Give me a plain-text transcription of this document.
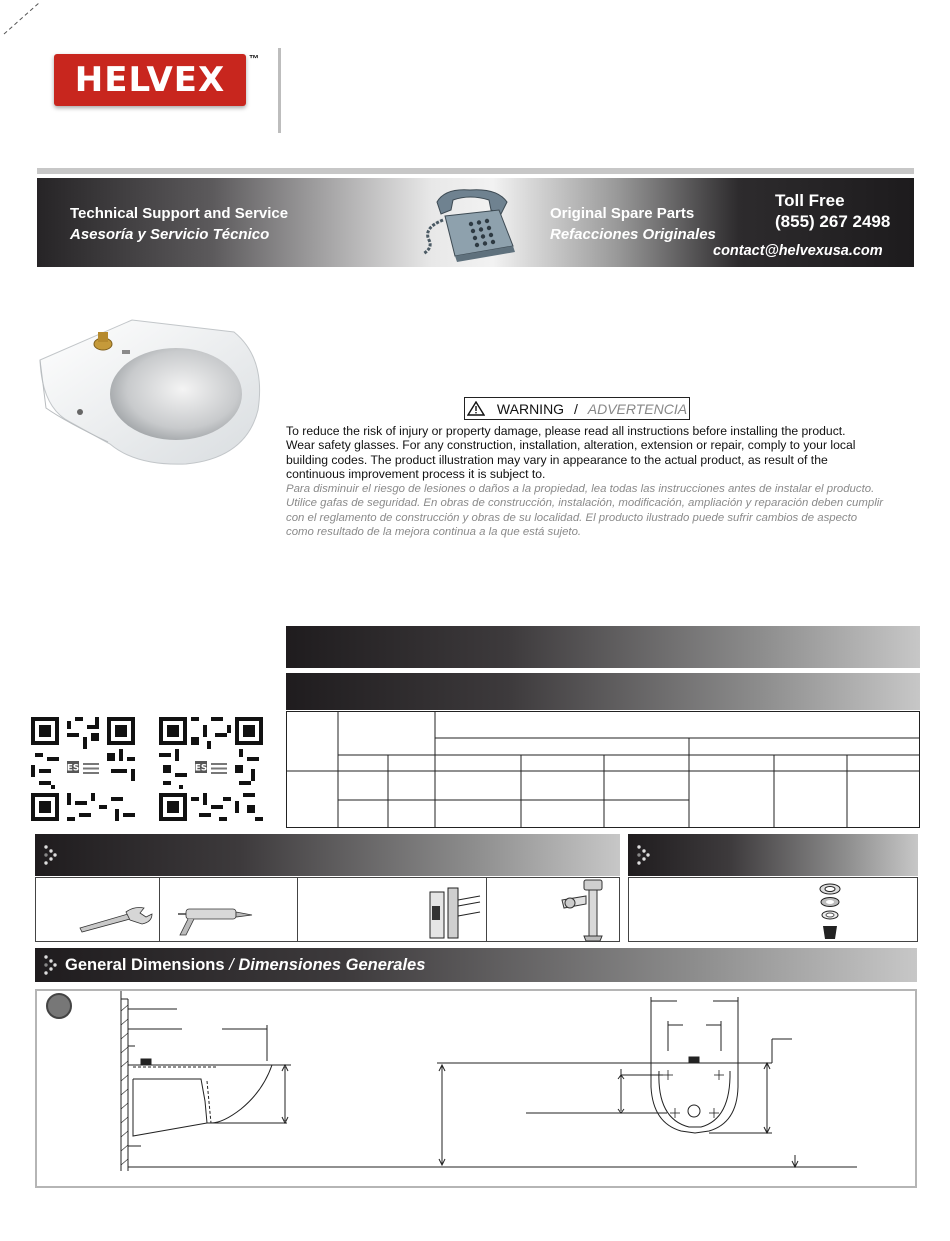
HELVEX
™
Technical Support and Service
Asesoría y Servicio Técnico
Original Spare Parts
Refacciones Originales
Toll Free
(855) 267 2498
contact@helvexusa.com
WARNING / ADVERTENCIA
To reduce the risk of injury or property damage, please read all instructions before installing the product. Wear safety glasses. For any construction, installation, alteration, extension or repair, comply to your local building codes. The product illustration may vary in appearance to the actual product, as result of the continuous improvement process it is subject to.
Para disminuir el riesgo de lesiones o daños a la propiedad, lea todas las instrucciones antes de instalar el producto. Utilice gafas de seguridad. En obras de construcción, instalación, modificación, ampliación y reparación deben cumplir con el reglamento de construcción y obras de su localidad. El producto ilustrado puede sufrir cambios de aspecto como resultado de la mejora continua a la que está sujeto.
ES	ES
General Dimensions / Dimensiones Generales
